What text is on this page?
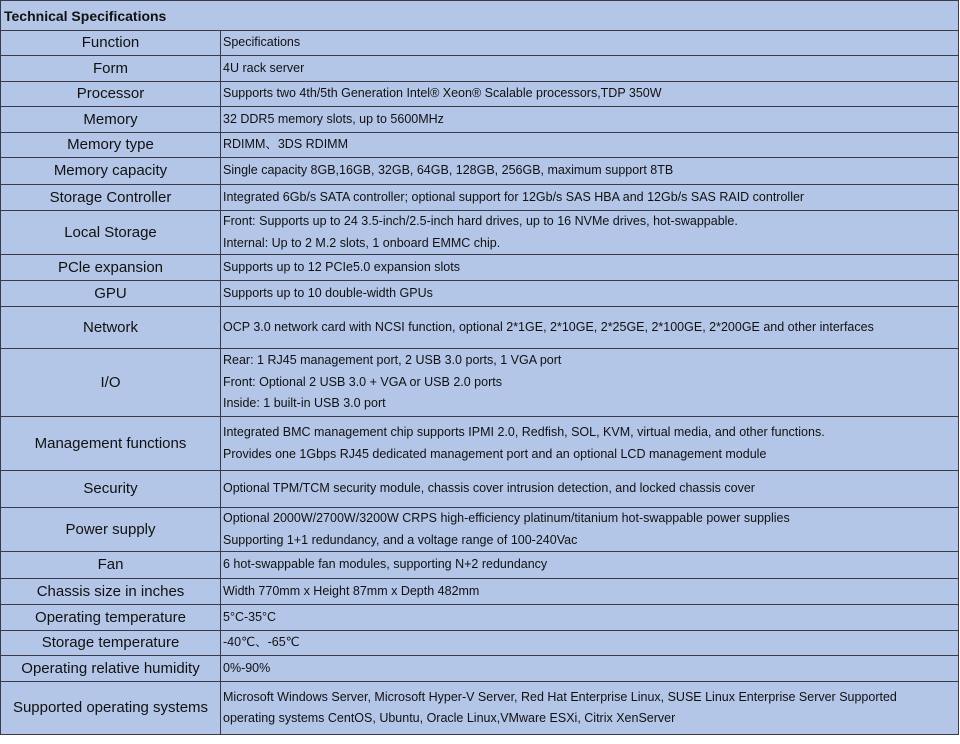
Technical Specifications	
Function	Specifications

Form	4U rack server

Processor	Supports two 4th/5th Generation Intel® Xeon® Scalable processors,TDP 350W

Memory	32 DDR5 memory slots, up to 5600MHz

Memory type	RDIMM、3DS RDIMM

Memory capacity	Single capacity 8GB,16GB, 32GB, 64GB, 128GB, 256GB, maximum support 8TB

Storage Controller	Integrated 6Gb/s SATA controller; optional support for 12Gb/s SAS HBA and 12Gb/s SAS RAID controller

Local Storage	Front: Supports up to 24 3.5-inch/2.5-inch hard drives, up to 16 NVMe drives, hot-swappable.
Internal: Up to 2 M.2 slots, 1 onboard EMMC chip.

PCle expansion	Supports up to 12 PCIe5.0 expansion slots

GPU	Supports up to 10 double-width GPUs

Network	OCP 3.0 network card with NCSI function, optional 2*1GE, 2*10GE, 2*25GE, 2*100GE, 2*200GE and other interfaces

I/O	Rear: 1 RJ45 management port, 2 USB 3.0 ports, 1 VGA port
Front: Optional 2 USB 3.0 + VGA or USB 2.0 ports
Inside: 1 built-in USB 3.0 port

Management functions	Integrated BMC management chip supports IPMI 2.0, Redfish, SOL, KVM, virtual media, and other functions.
Provides one 1Gbps RJ45 dedicated management port and an optional LCD management module

Security	Optional TPM/TCM security module, chassis cover intrusion detection, and locked chassis cover

Power supply	Optional 2000W/2700W/3200W CRPS high-efficiency platinum/titanium hot-swappable power supplies
Supporting 1+1 redundancy, and a voltage range of 100-240Vac

Fan	6 hot-swappable fan modules, supporting N+2 redundancy

Chassis size in inches	Width 770mm x Height 87mm x Depth 482mm

Operating temperature	5°C-35°C

Storage temperature	-40℃、-65℃

Operating relative humidity	0%-90%

Supported operating systems	Microsoft Windows Server, Microsoft Hyper-V Server, Red Hat Enterprise Linux, SUSE Linux Enterprise Server Supported
operating systems CentOS, Ubuntu, Oracle Linux,VMware ESXi, Citrix XenServer
